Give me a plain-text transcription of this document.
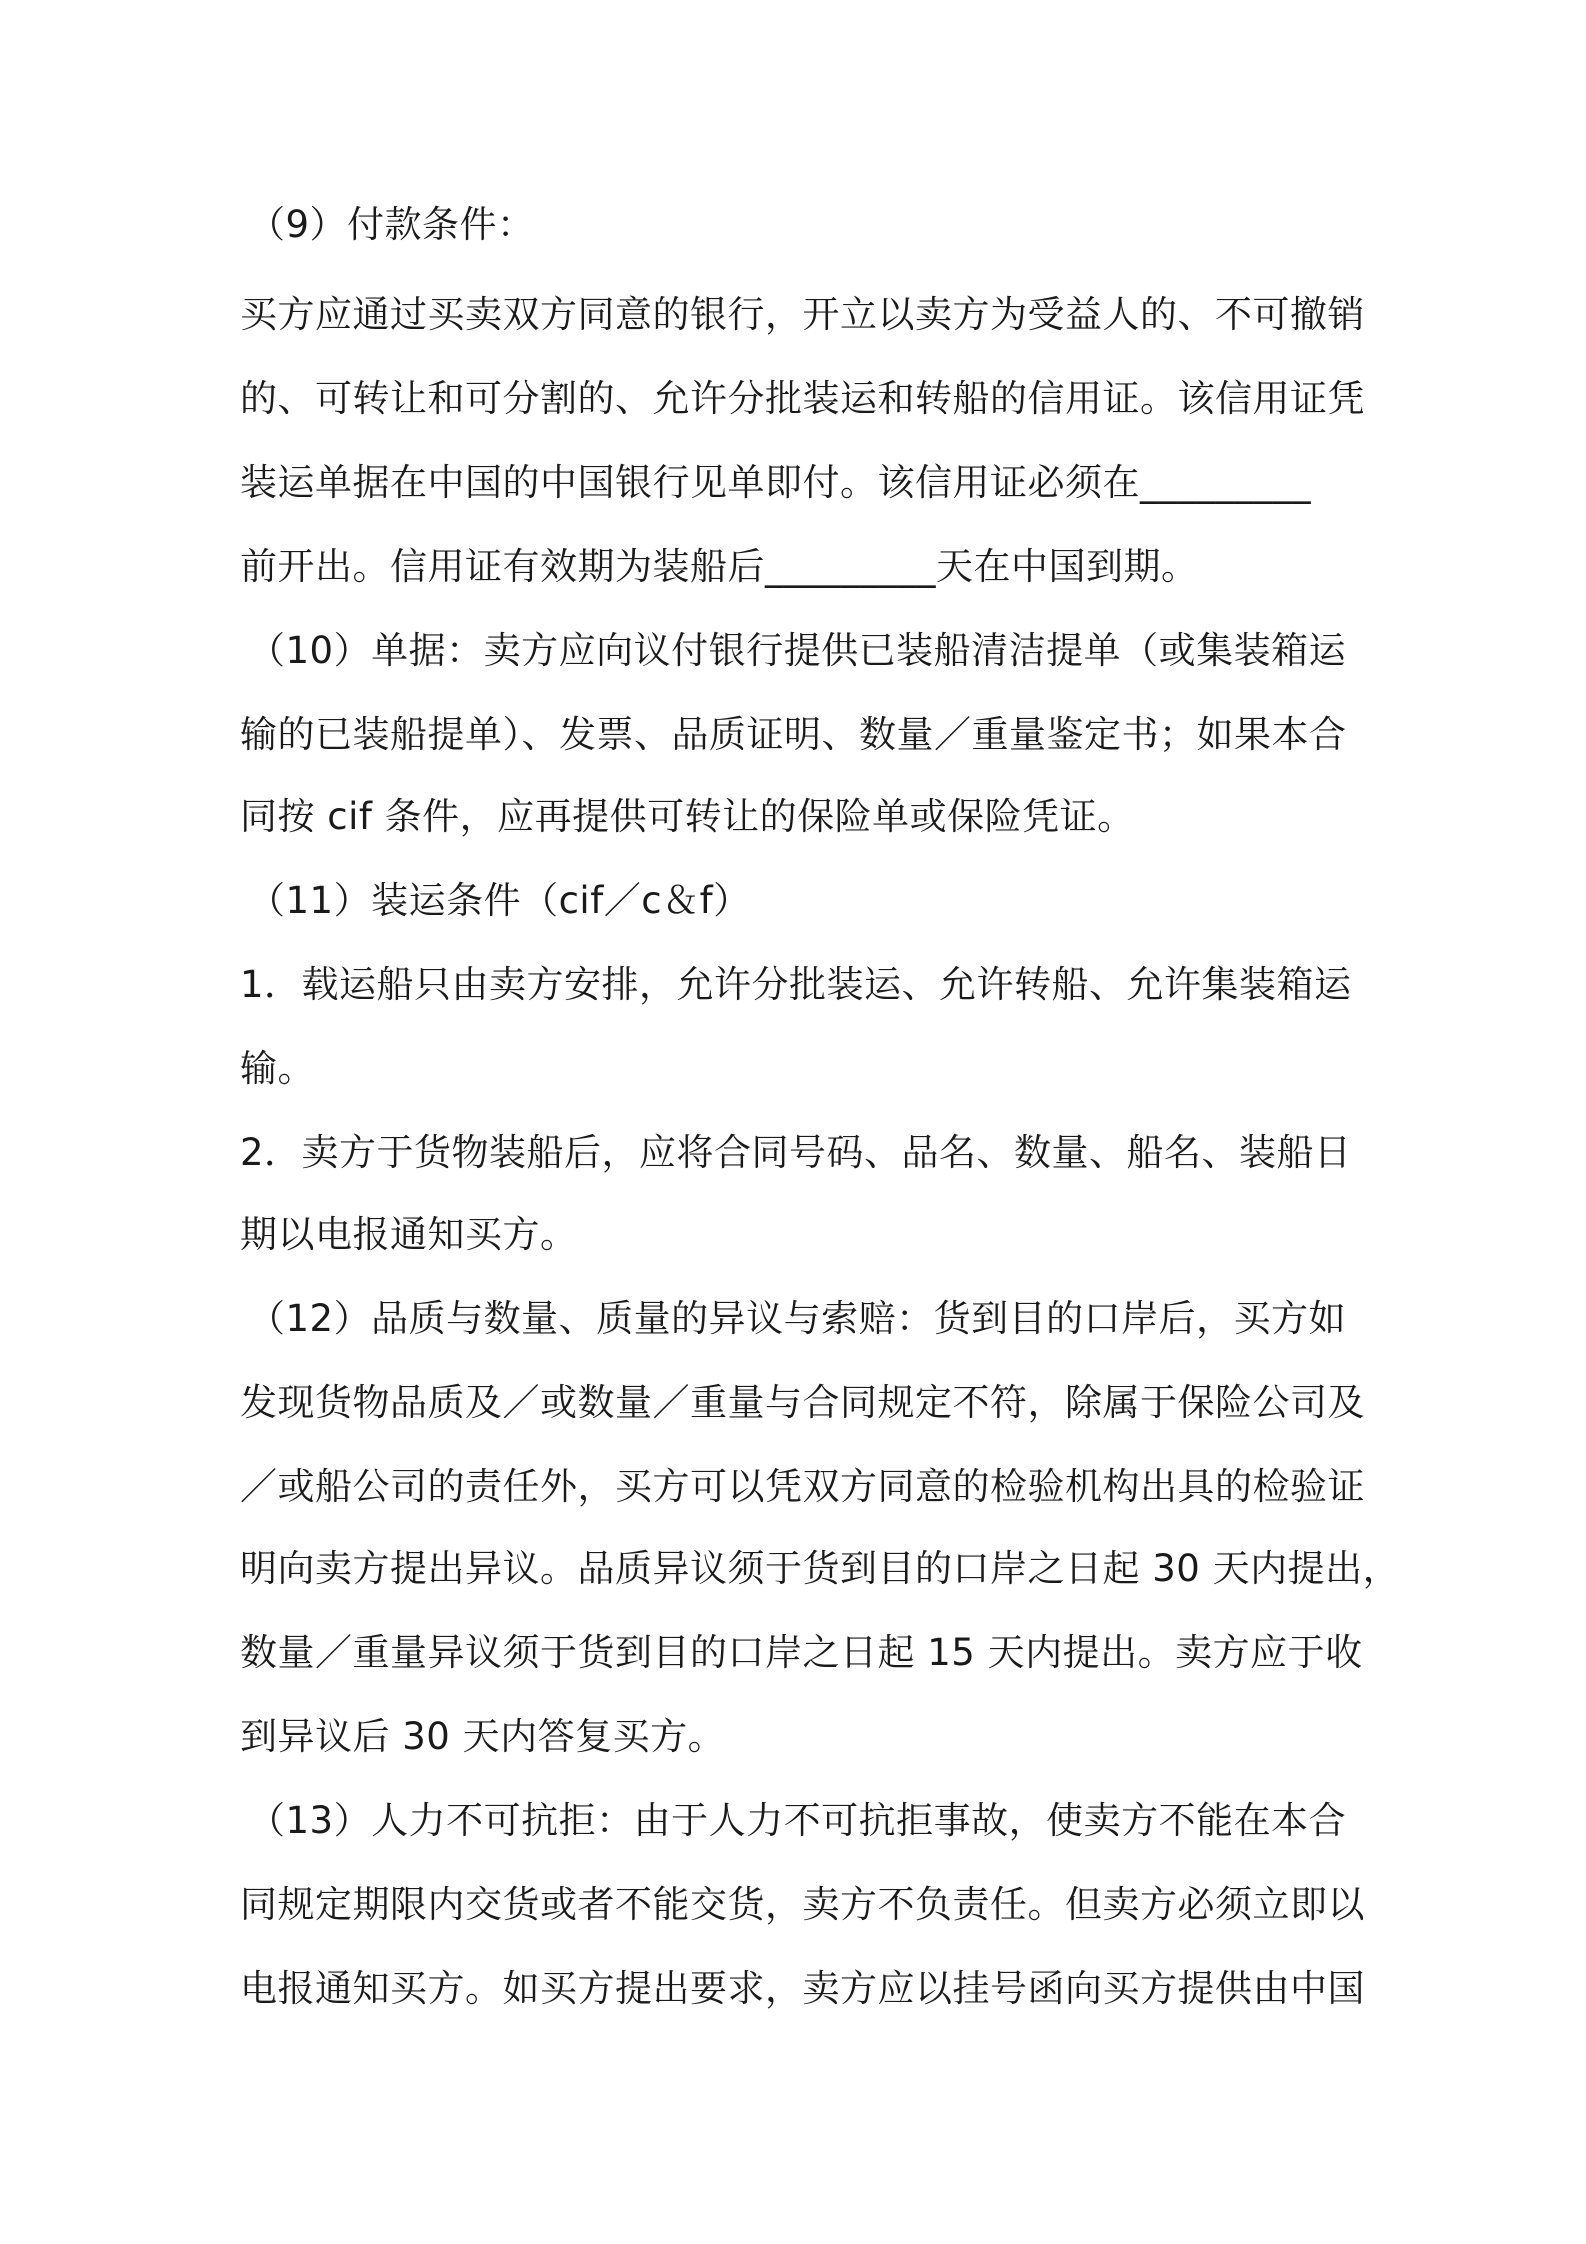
（9）付款条件：
买方应通过买卖双方同意的银行，开立以卖方为受益人的、不可撤销
的、可转让和可分割的、允许分批装运和转船的信用证。该信用证凭
装运单据在中国的中国银行见单即付。该信用证必须在_________
前开出。信用证有效期为装船后_________天在中国到期。
（10）单据：卖方应向议付银行提供已装船清洁提单（或集装箱运
输的已装船提单）、发票、品质证明、数量／重量鉴定书；如果本合
同按 cif 条件，应再提供可转让的保险单或保险凭证。
（11）装运条件（cif／c＆f）
1．载运船只由卖方安排，允许分批装运、允许转船、允许集装箱运
输。
2．卖方于货物装船后，应将合同号码、品名、数量、船名、装船日
期以电报通知买方。
（12）品质与数量、质量的异议与索赔：货到目的口岸后，买方如
发现货物品质及／或数量／重量与合同规定不符，除属于保险公司及
／或船公司的责任外，买方可以凭双方同意的检验机构出具的检验证
明向卖方提出异议。品质异议须于货到目的口岸之日起 30 天内提出，
数量／重量异议须于货到目的口岸之日起 15 天内提出。卖方应于收
到异议后 30 天内答复买方。
（13）人力不可抗拒：由于人力不可抗拒事故，使卖方不能在本合
同规定期限内交货或者不能交货，卖方不负责任。但卖方必须立即以
电报通知买方。如买方提出要求，卖方应以挂号函向买方提供由中国
